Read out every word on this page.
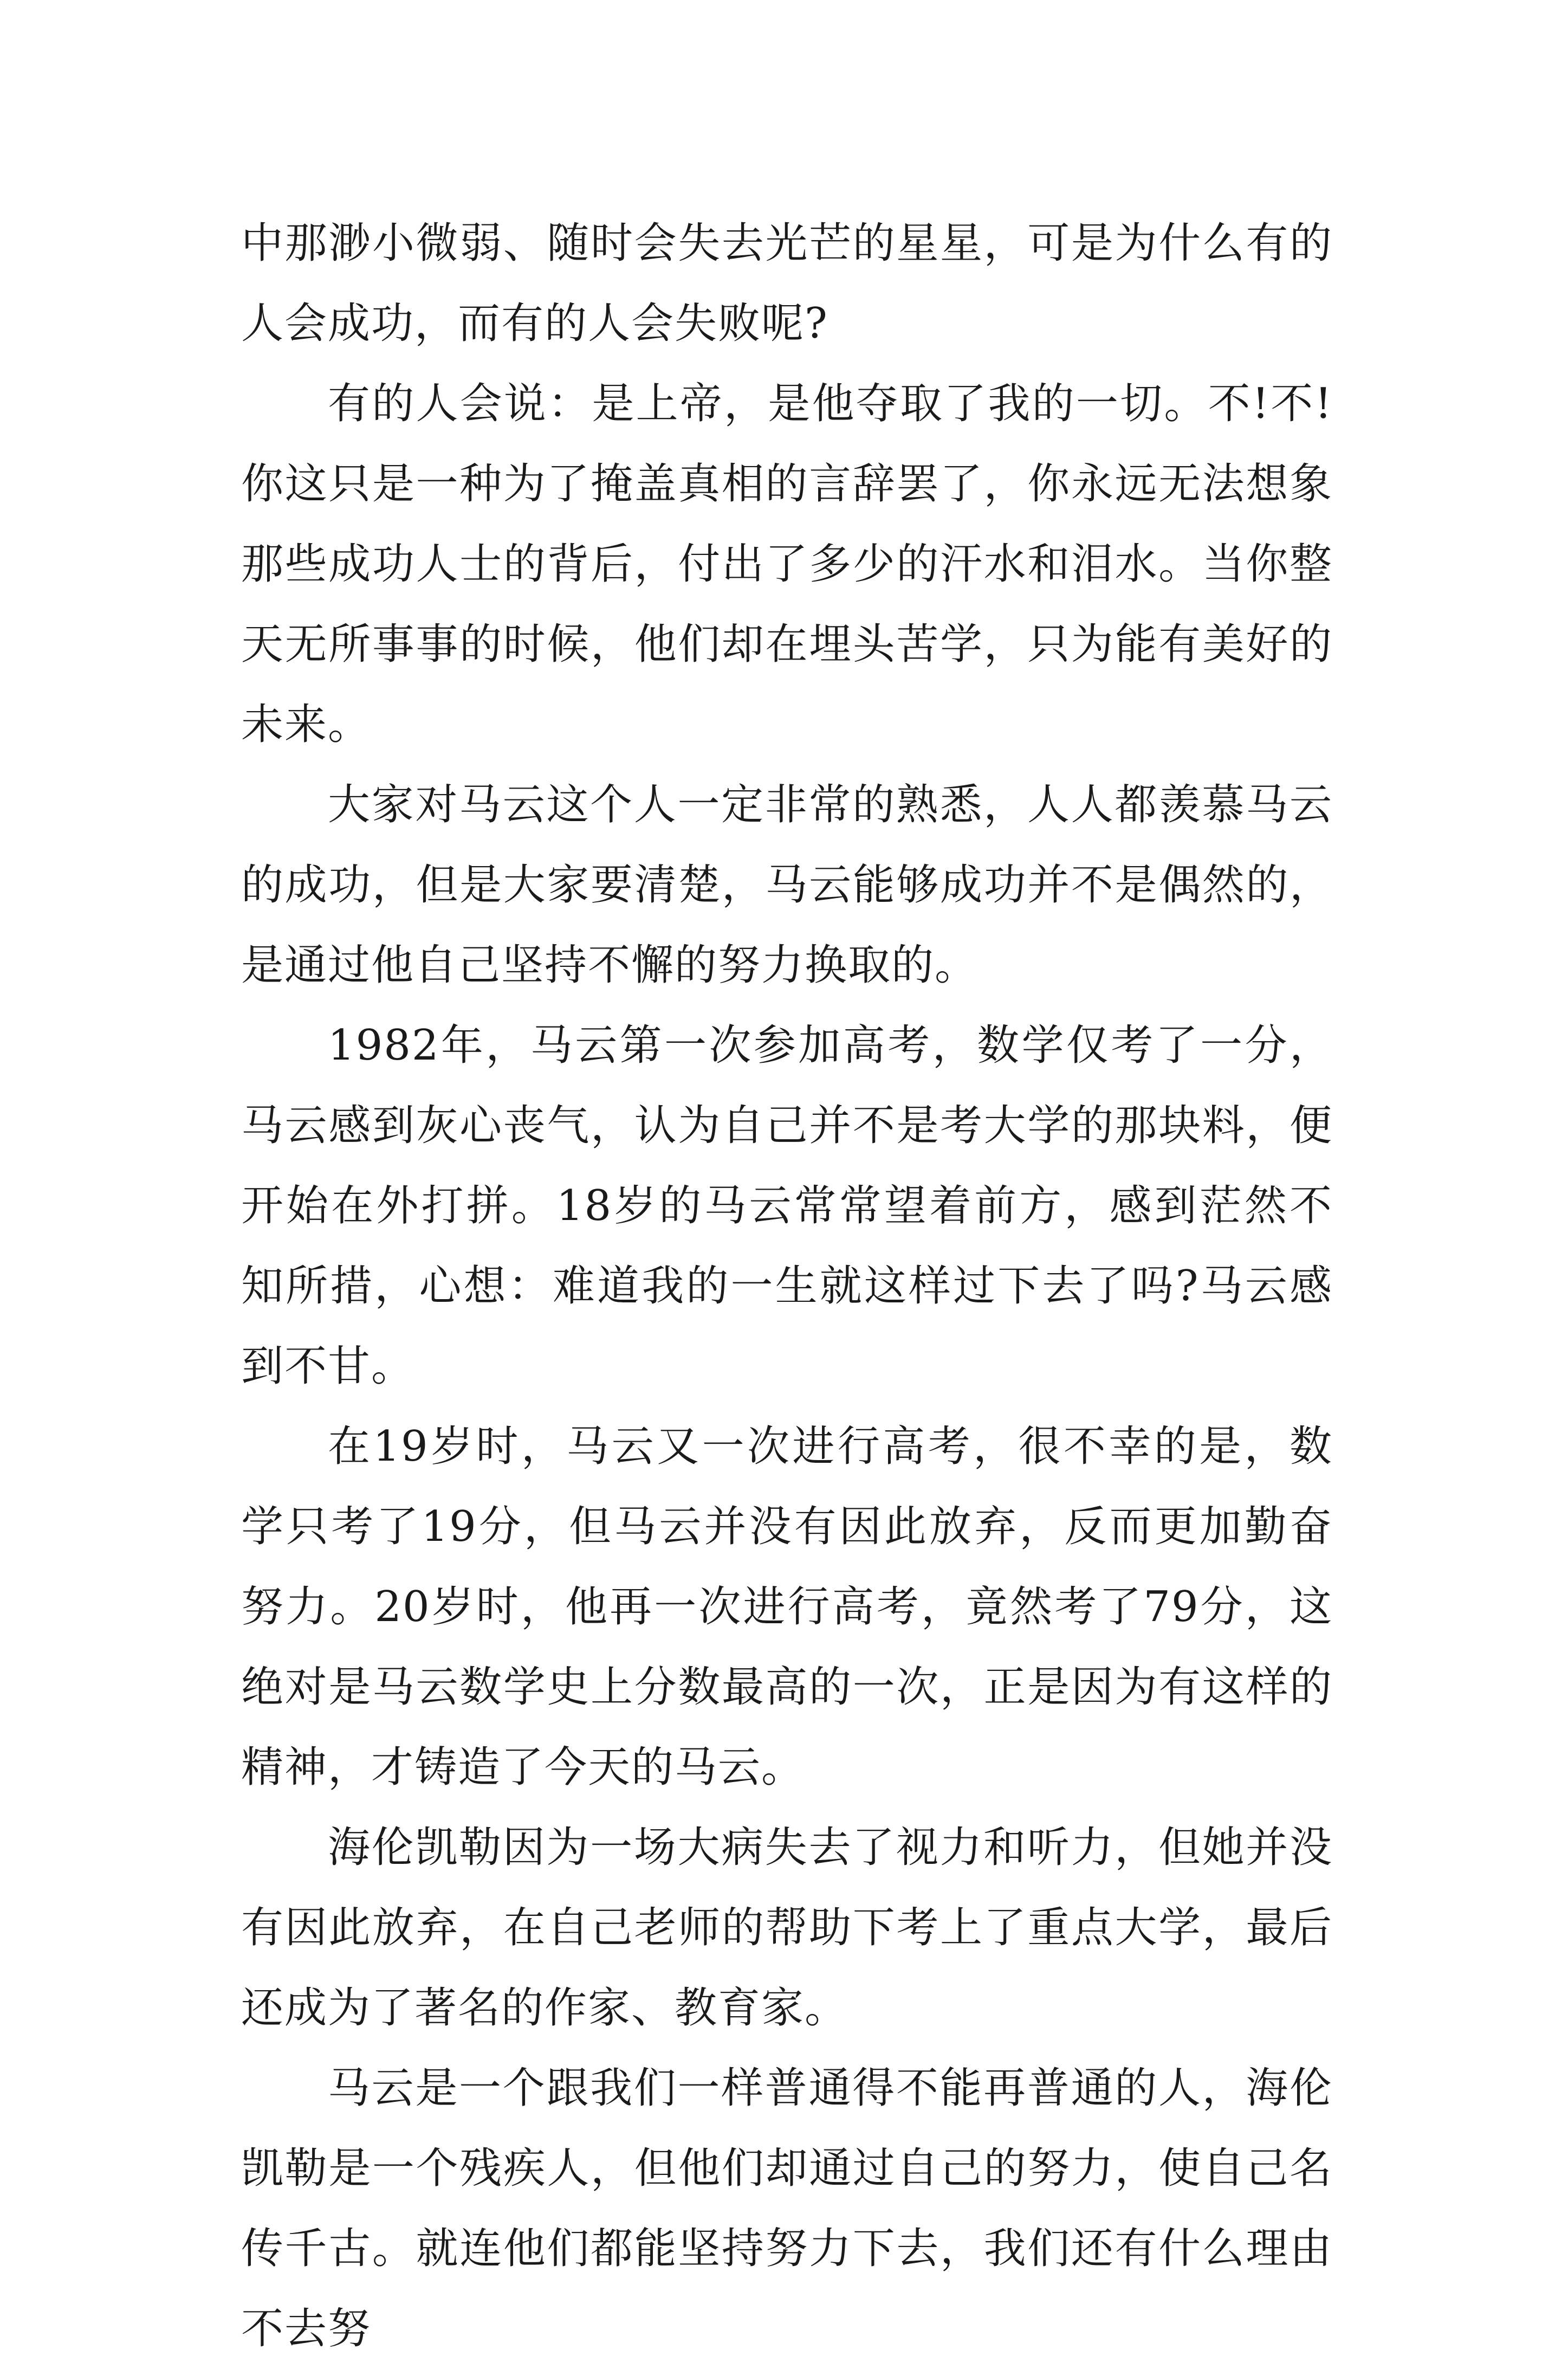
中那渺小微弱、随时会失去光芒的星星，可是为什么有的人会成功，而有的人会失败呢?

有的人会说：是上帝，是他夺取了我的一切。不!不!你这只是一种为了掩盖真相的言辞罢了，你永远无法想象那些成功人士的背后，付出了多少的汗水和泪水。当你整天无所事事的时候，他们却在埋头苦学，只为能有美好的未来。

大家对马云这个人一定非常的熟悉，人人都羡慕马云的成功，但是大家要清楚，马云能够成功并不是偶然的，是通过他自己坚持不懈的努力换取的。

1982年，马云第一次参加高考，数学仅考了一分，马云感到灰心丧气，认为自己并不是考大学的那块料，便开始在外打拼。18岁的马云常常望着前方，感到茫然不知所措，心想：难道我的一生就这样过下去了吗?马云感到不甘。

在19岁时，马云又一次进行高考，很不幸的是，数学只考了19分，但马云并没有因此放弃，反而更加勤奋努力。20岁时，他再一次进行高考，竟然考了79分，这绝对是马云数学史上分数最高的一次，正是因为有这样的精神，才铸造了今天的马云。

海伦凯勒因为一场大病失去了视力和听力，但她并没有因此放弃，在自己老师的帮助下考上了重点大学，最后还成为了著名的作家、教育家。

马云是一个跟我们一样普通得不能再普通的人，海伦凯勒是一个残疾人，但他们却通过自己的努力，使自己名传千古。就连他们都能坚持努力下去，我们还有什么理由不去努
